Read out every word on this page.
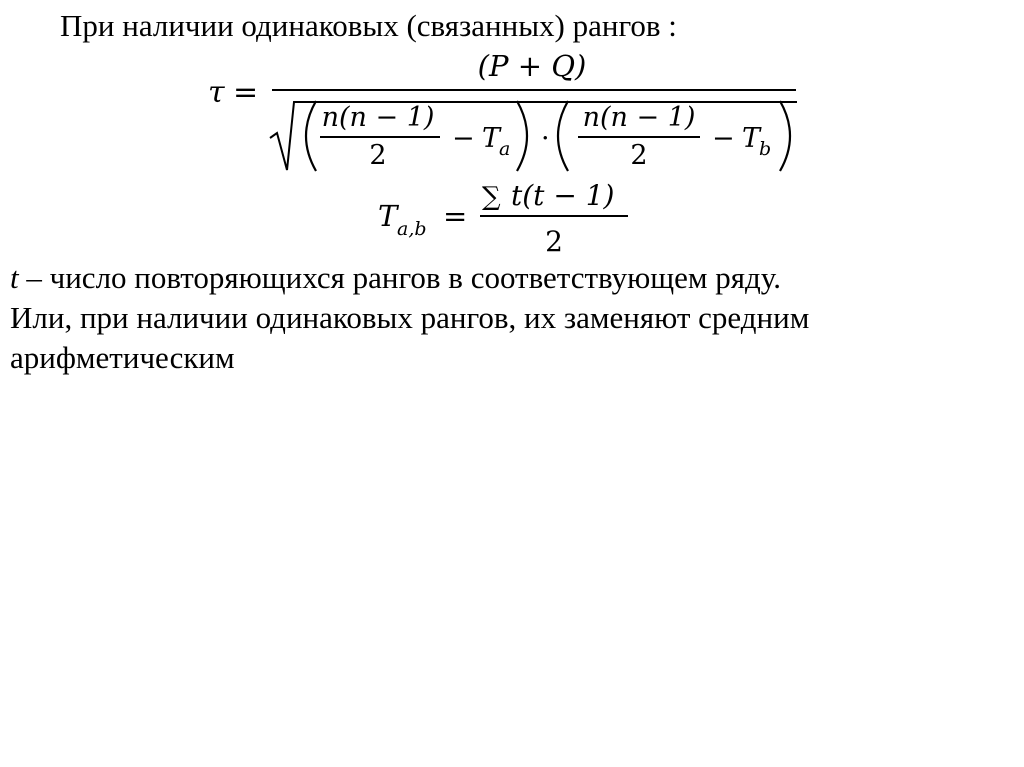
При наличии одинаковых (связанных) рангов :
τ =
(P + Q)
n(n − 1)
2
− T
a ·
n(n − 1)
2
− T
b
T a,b =
∑ t(t − 1)
2

t – число повторяющихся рангов в соответствующем ряду.

Или, при наличии одинаковых рангов, их заменяют средним

арифметическим
